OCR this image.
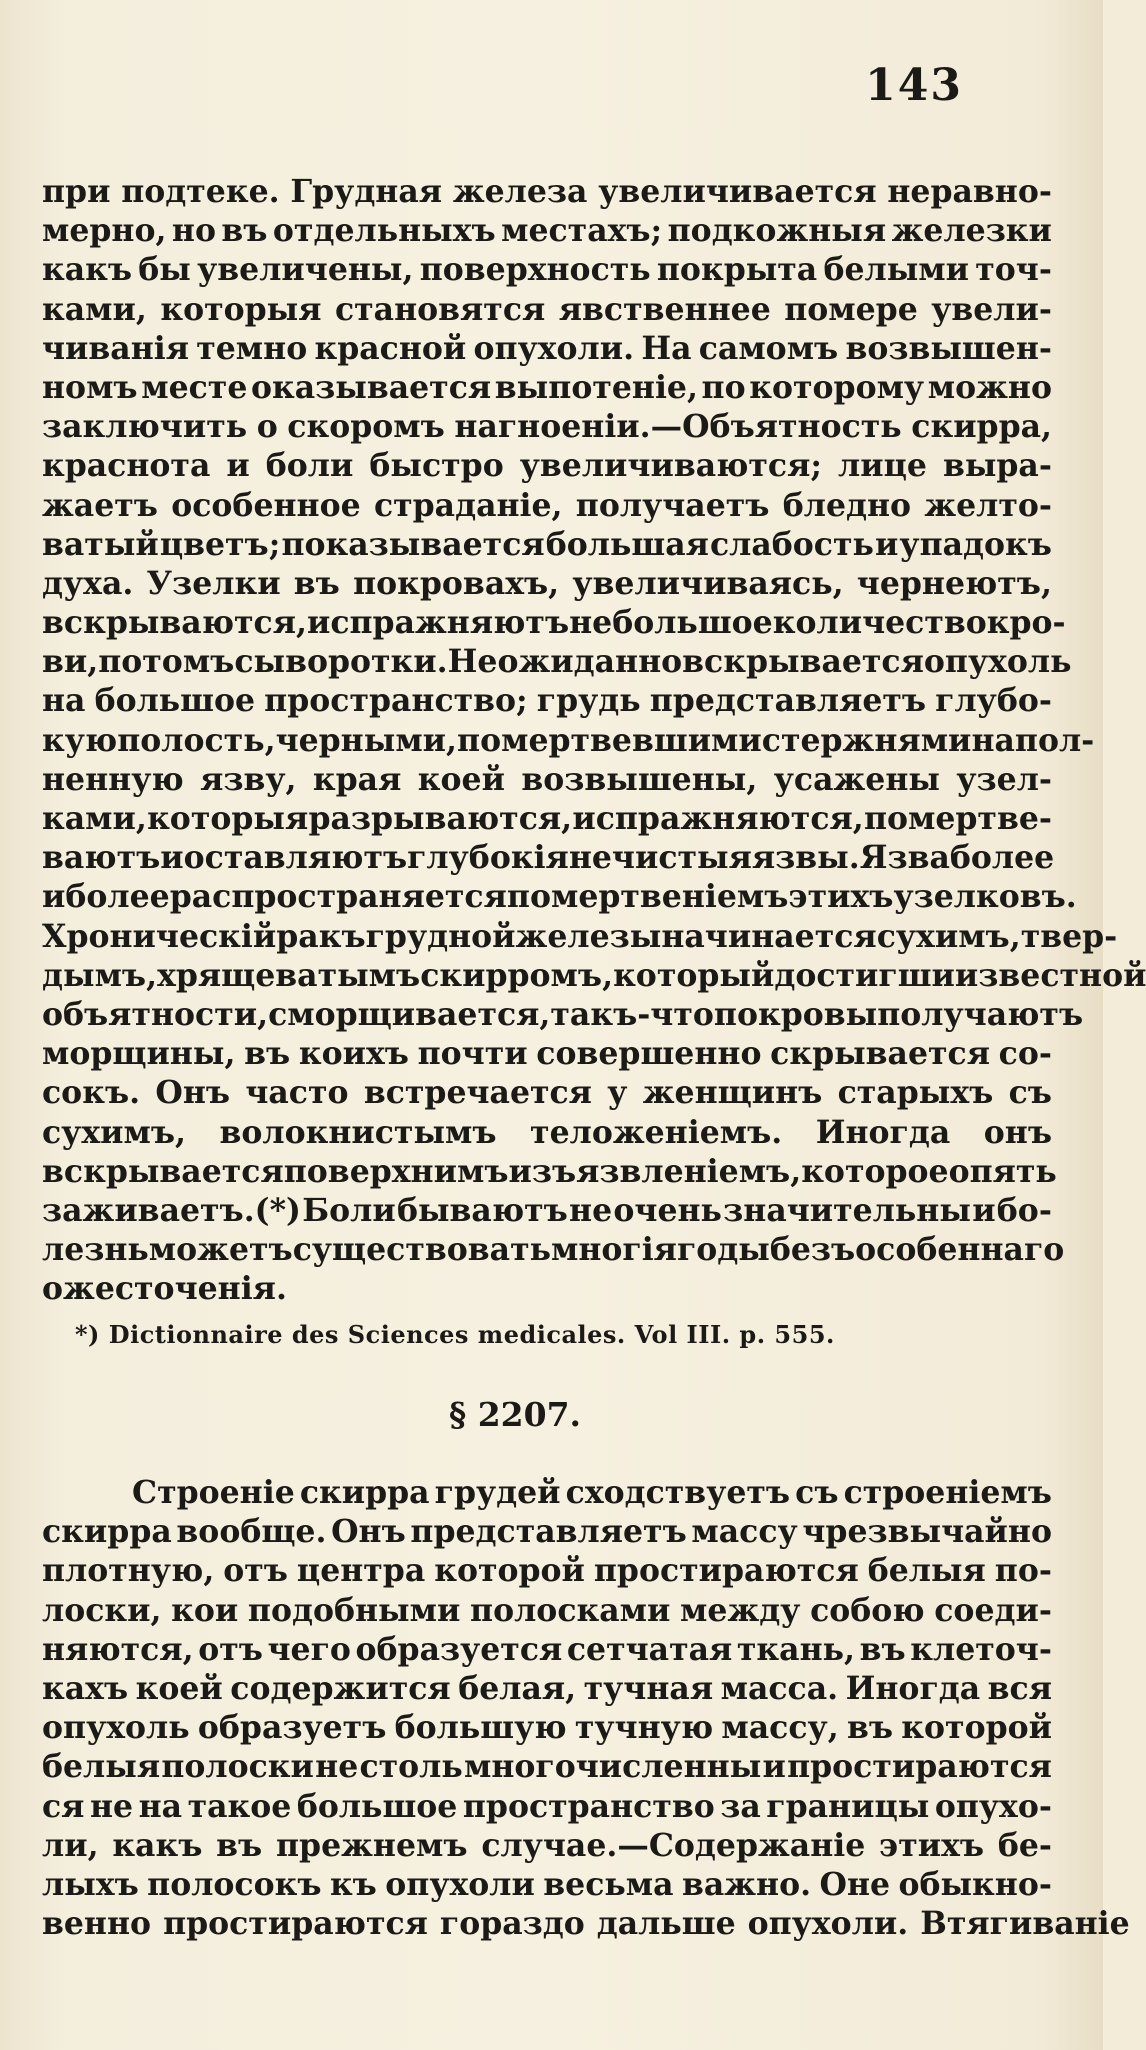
143
при подтеке. Грудная железа увеличивается неравно-
мерно, но въ отдельныхъ местахъ; подкожныя железки
какъ бы увеличены, поверхность покрыта белыми точ-
ками, которыя становятся явственнее помере увели-
чиванія темно красной опухоли. На самомъ возвышен-
номъ месте оказывается выпотеніе, по которому можно
заключить о скоромъ нагноеніи.—Объятность скирра,
краснота и боли быстро увеличиваются; лице выра-
жаетъ особенное страданіе, получаетъ бледно желто-
ватый цветъ; показывается большая слабость и упадокъ
духа. Узелки въ покровахъ, увеличиваясь, чернеютъ,
вскрываются, испражняютъ небольшое количество кро-
ви, потомъ сыворотки. Неожиданно вскрывается опухоль
на большое пространство; грудь представляетъ глубо-
кую полость, черными, помертвевшими стержнями напол-
ненную язву, края коей возвышены, усажены узел-
ками, которыя разрываются, испражняются, помертве-
ваютъ и оставляютъ глубокія нечистыя язвы. Язва более
и более распространяется помертвеніемъ этихъ узелковъ.
Хроническій ракъ грудной железы начинается сухимъ, твер-
дымъ, хрящеватымъ скирромъ, который достигши известной
объятности, сморщивается, такъ-что покровы получаютъ
морщины, въ коихъ почти совершенно скрывается со-
сокъ. Онъ часто встречается у женщинъ старыхъ съ
сухимъ, волокнистымъ теложеніемъ. Иногда онъ
вскрывается поверхнимъ изъязвленіемъ, которое опять
заживаетъ.(*) Боли бываютъ не очень значительны и бо-
лезнь можетъ существовать многія годы безъ особеннаго
ожесточенія.
*) Dictionnaire des Sciences medicales. Vol III. p. 555.
§ 2207.
Строеніе скирра грудей сходствуетъ съ строеніемъ
скирра вообще. Онъ представляетъ массу чрезвычайно
плотную, отъ центра которой простираются белыя по-
лоски, кои подобными полосками между собою соеди-
няются, отъ чего образуется сетчатая ткань, въ клеточ-
кахъ коей содержится белая, тучная масса. Иногда вся
опухоль образуетъ большую тучную массу, въ которой
белыя полоски не столь многочисленны и простираются
ся не на такое большое пространство за границы опухо-
ли, какъ въ прежнемъ случае.—Содержаніе этихъ бе-
лыхъ полосокъ къ опухоли весьма важно. Оне обыкно-
венно простираются гораздо дальше опухоли. Втягиваніе
